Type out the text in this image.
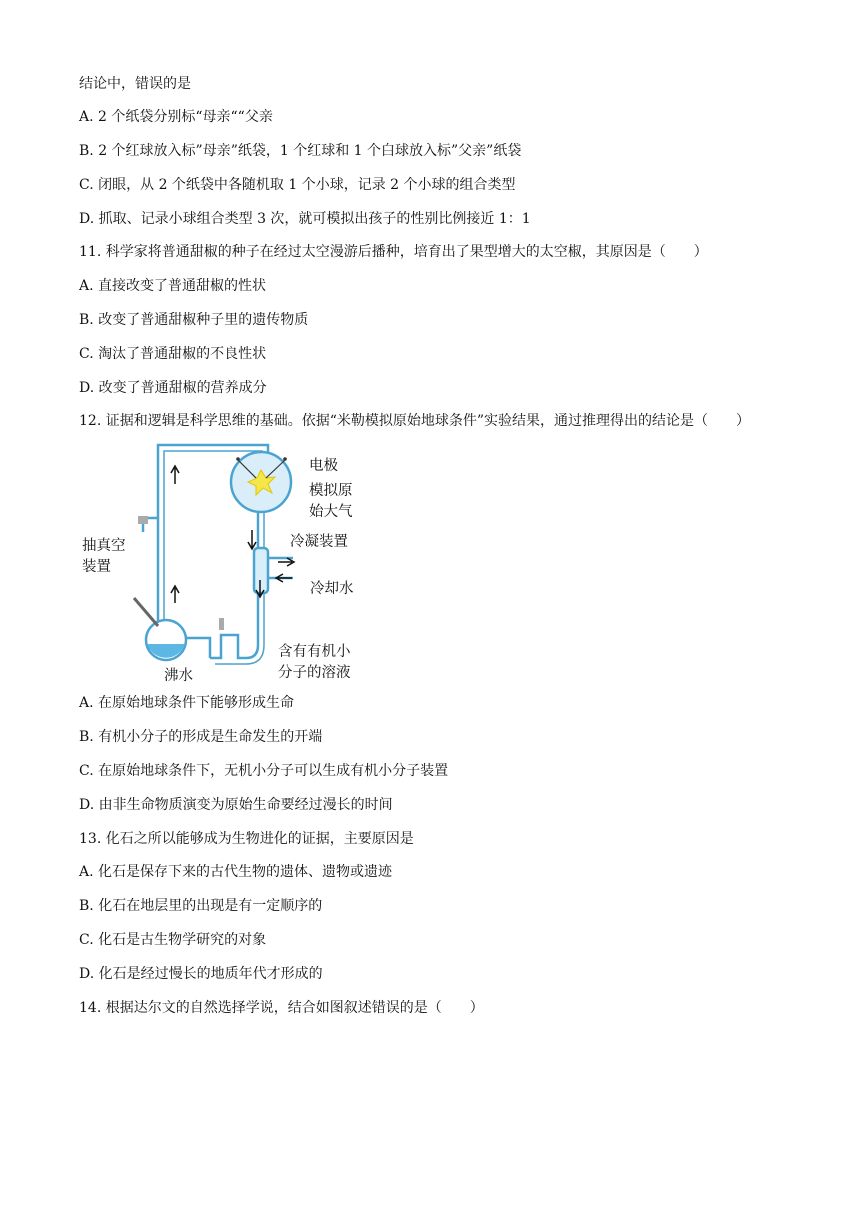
结论中，错误的是

A. 2 个纸袋分别标“母亲““父亲

B. 2 个红球放入标”母亲”纸袋，1 个红球和 1 个白球放入标”父亲”纸袋

C. 闭眼，从 2 个纸袋中各随机取 1 个小球，记录 2 个小球的组合类型

D. 抓取、记录小球组合类型 3 次，就可模拟出孩子的性别比例接近 1：1

11. 科学家将普通甜椒的种子在经过太空漫游后播种，培育出了果型增大的太空椒，其原因是（　　）

A. 直接改变了普通甜椒的性状

B. 改变了普通甜椒种子里的遗传物质

C. 淘汰了普通甜椒的不良性状

D. 改变了普通甜椒的营养成分

12. 证据和逻辑是科学思维的基础。依据“米勒模拟原始地球条件”实验结果，通过推理得出的结论是（　　）

电极
模拟原
始大气
冷凝装置
冷却水
抽真空
装置
沸水
含有有机小
分子的溶液

A. 在原始地球条件下能够形成生命

B. 有机小分子的形成是生命发生的开端

C. 在原始地球条件下，无机小分子可以生成有机小分子装置

D. 由非生命物质演变为原始生命要经过漫长的时间

13. 化石之所以能够成为生物进化的证据，主要原因是

A. 化石是保存下来的古代生物的遗体、遗物或遗迹

B. 化石在地层里的出现是有一定顺序的

C. 化石是古生物学研究的对象

D. 化石是经过慢长的地质年代才形成的

14. 根据达尔文的自然选择学说，结合如图叙述错误的是（　　）
